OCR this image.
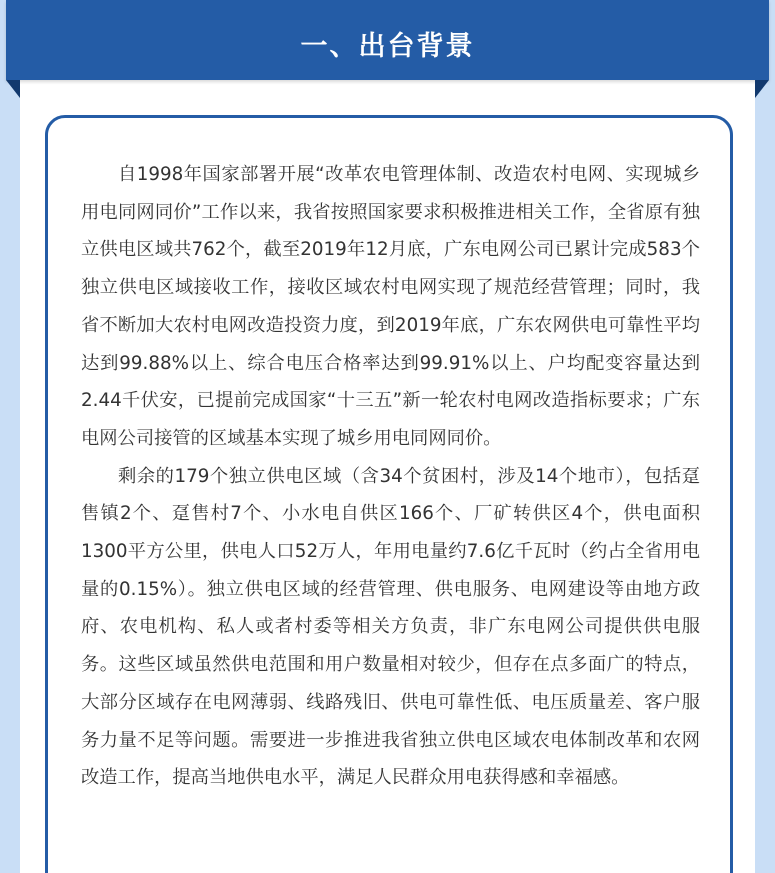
一、出台背景

自1998年国家部署开展“改革农电管理体制、改造农村电网、实现城乡用电同网同价”工作以来，我省按照国家要求积极推进相关工作，全省原有独立供电区域共762个，截至2019年12月底，广东电网公司已累计完成583个独立供电区域接收工作，接收区域农村电网实现了规范经营管理；同时，我省不断加大农村电网改造投资力度，到2019年底，广东农网供电可靠性平均达到99.88%以上、综合电压合格率达到99.91%以上、户均配变容量达到2.44千伏安，已提前完成国家“十三五”新一轮农村电网改造指标要求；广东电网公司接管的区域基本实现了城乡用电同网同价。

剩余的179个独立供电区域（含34个贫困村，涉及14个地市），包括趸售镇2个、趸售村7个、小水电自供区166个、厂矿转供区4个，供电面积1300平方公里，供电人口52万人，年用电量约7.6亿千瓦时（约占全省用电量的0.15%）。独立供电区域的经营管理、供电服务、电网建设等由地方政府、农电机构、私人或者村委等相关方负责，非广东电网公司提供供电服务。这些区域虽然供电范围和用户数量相对较少，但存在点多面广的特点，大部分区域存在电网薄弱、线路残旧、供电可靠性低、电压质量差、客户服务力量不足等问题。需要进一步推进我省独立供电区域农电体制改革和农网改造工作，提高当地供电水平，满足人民群众用电获得感和幸福感。
